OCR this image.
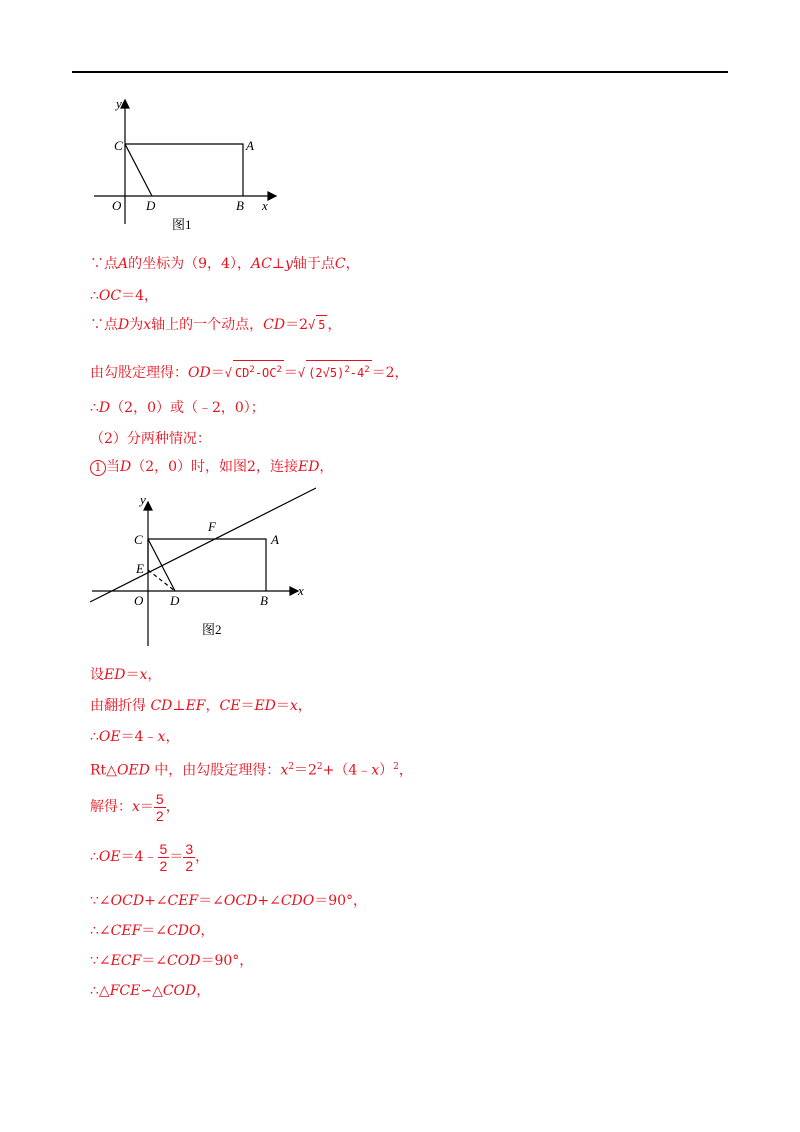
y
C	A
O D	B x
图1
∵点A的坐标为（9，4），AC⊥y轴于点C，
∴OC＝4，
∵点D为x轴上的一个动点，CD＝2√ 5 ，
由勾股定理得：OD＝√ $CD^2-OC^2$ ＝√ $(2√5)^2-4^2 =2$，
∴D（2，0）或（﹣2，0）；
（2）分两种情况：
1 当D（2，0）时，如图2，连接ED，
y
F
C	A
E
O D	B
x
图2
设ED＝x，
由翻折得 CD⊥EF，CE＝ED＝x，
∴OE＝4﹣x，
Rt△OED 中，由勾股定理得：$x^2=2^2+(4﹣x)^2$，
解得：$x= \frac{5}{2}$ ，
∴OE＝4﹣ $\frac{5}{2} = \frac{3}{2}$ ，
∵∠OCD+∠CEF＝∠OCD+∠CDO＝90°，
∴∠CEF＝∠CDO，
∵∠ECF＝∠COD＝90°，
∴△FCE∽△COD，
